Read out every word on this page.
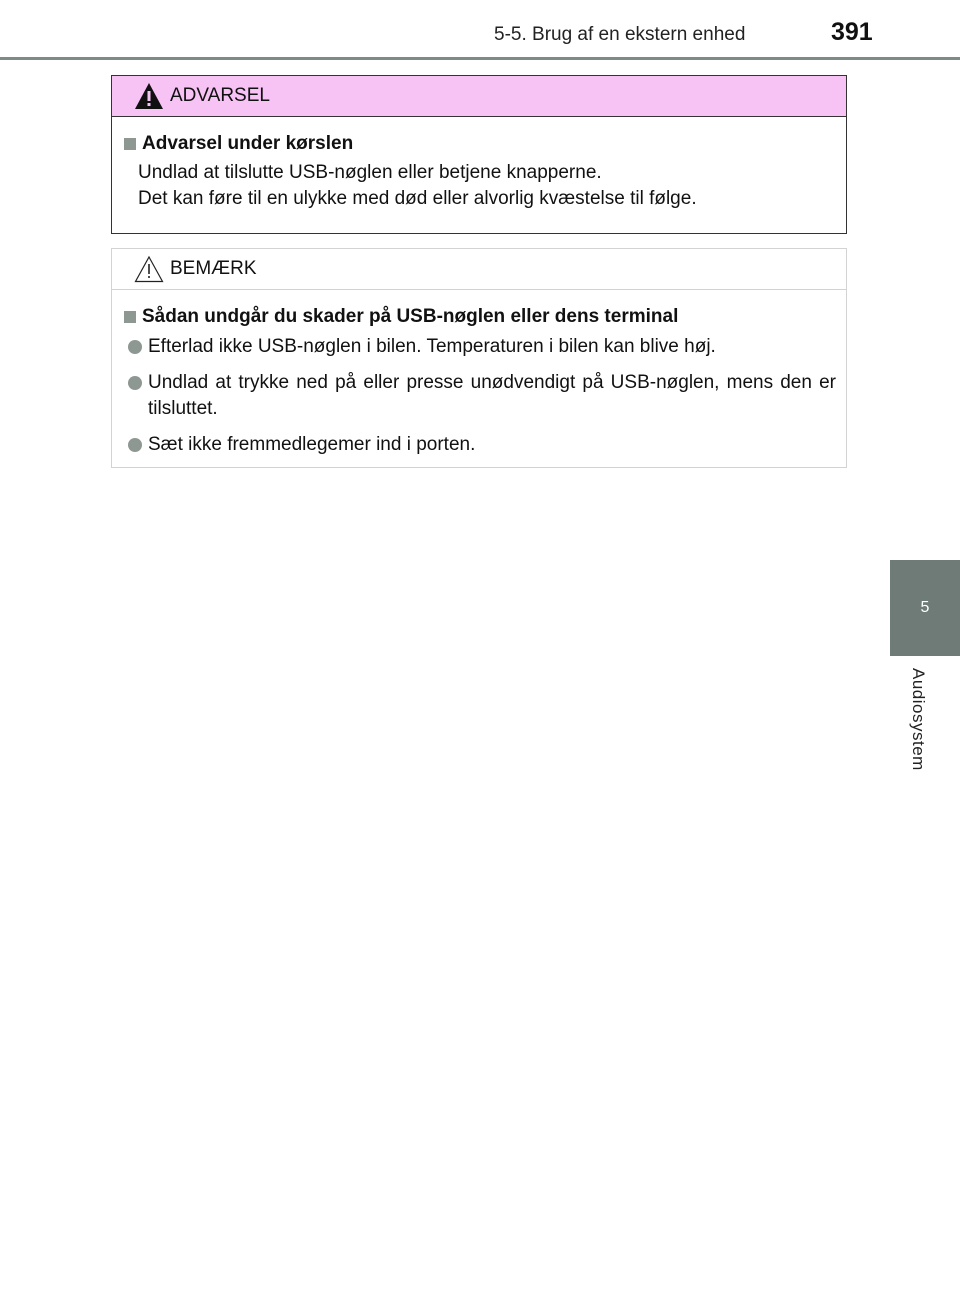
5-5. Brug af en ekstern enhed	391
5
Audiosystem
ADVARSEL
Advarsel under kørslen
Undlad at tilslutte USB-nøglen eller betjene knapperne.
Det kan føre til en ulykke med død eller alvorlig kvæstelse til følge.
BEMÆRK
Sådan undgår du skader på USB-nøglen eller dens terminal
Efterlad ikke USB-nøglen i bilen. Temperaturen i bilen kan blive høj.
Undlad at trykke ned på eller presse unødvendigt på USB-nøglen, mens den er tilsluttet.
Sæt ikke fremmedlegemer ind i porten.
